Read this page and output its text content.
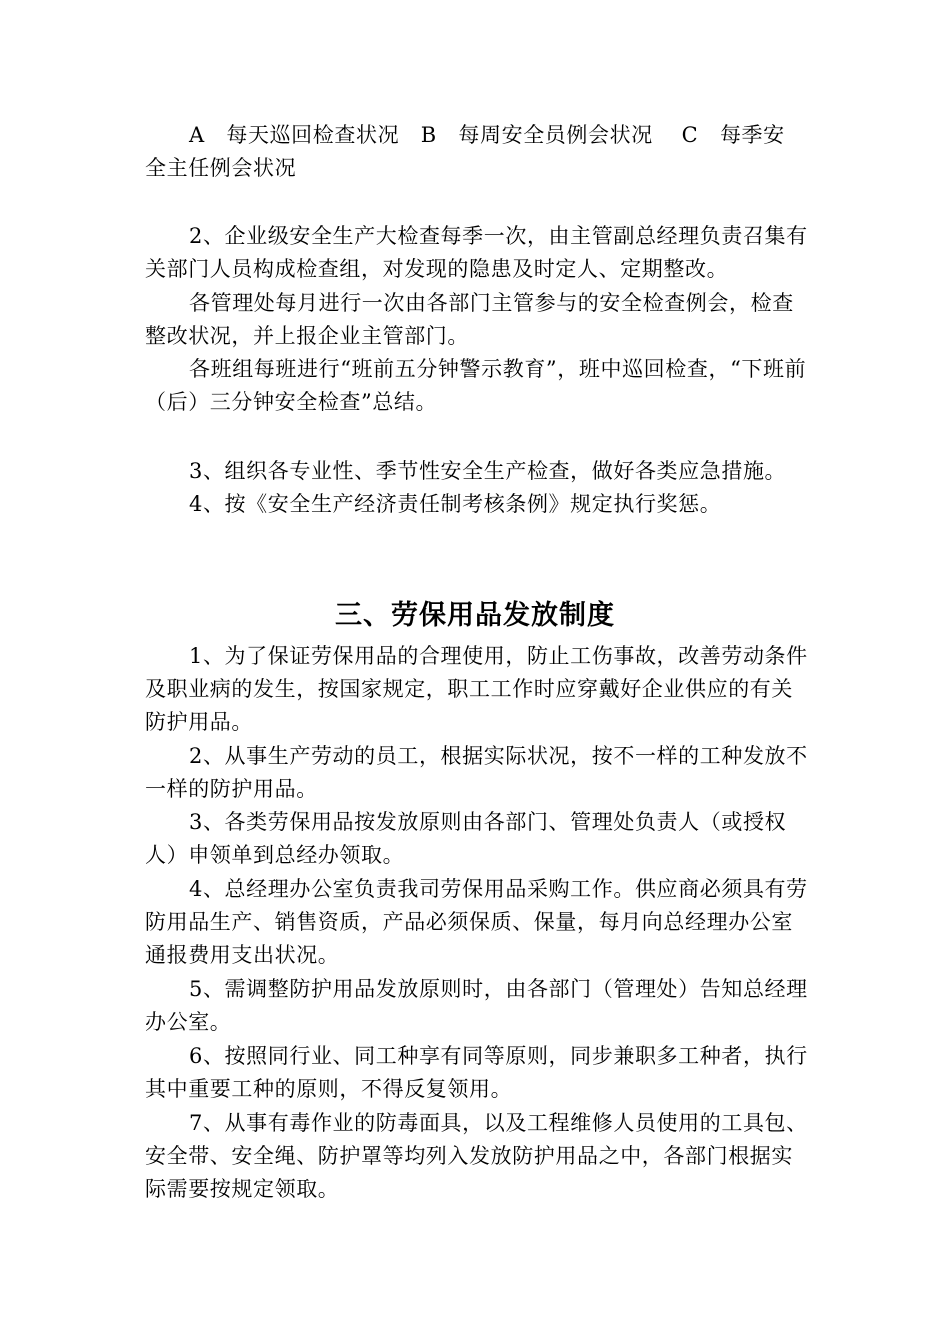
A　每天巡回检查状况　B　每周安全员例会状况　 C　每季安

全主任例会状况

2、企业级安全生产大检查每季一次，由主管副总经理负责召集有关部门人员构成检查组，对发现的隐患及时定人、定期整改。

各管理处每月进行一次由各部门主管参与的安全检查例会，检查整改状况，并上报企业主管部门。

各班组每班进行“班前五分钟警示教育”，班中巡回检查，“下班前（后）三分钟安全检查”总结。

3、组织各专业性、季节性安全生产检查，做好各类应急措施。

4、按《安全生产经济责任制考核条例》规定执行奖惩。

三、劳保用品发放制度

1、为了保证劳保用品的合理使用，防止工伤事故，改善劳动条件及职业病的发生，按国家规定，职工工作时应穿戴好企业供应的有关防护用品。

2、从事生产劳动的员工，根据实际状况，按不一样的工种发放不一样的防护用品。

3、各类劳保用品按发放原则由各部门、管理处负责人（或授权人）申领单到总经办领取。

4、总经理办公室负责我司劳保用品采购工作。供应商必须具有劳防用品生产、销售资质，产品必须保质、保量，每月向总经理办公室通报费用支出状况。

5、需调整防护用品发放原则时，由各部门（管理处）告知总经理办公室。

6、按照同行业、同工种享有同等原则，同步兼职多工种者，执行其中重要工种的原则，不得反复领用。

7、从事有毒作业的防毒面具，以及工程维修人员使用的工具包、安全带、安全绳、防护罩等均列入发放防护用品之中，各部门根据实际需要按规定领取。
